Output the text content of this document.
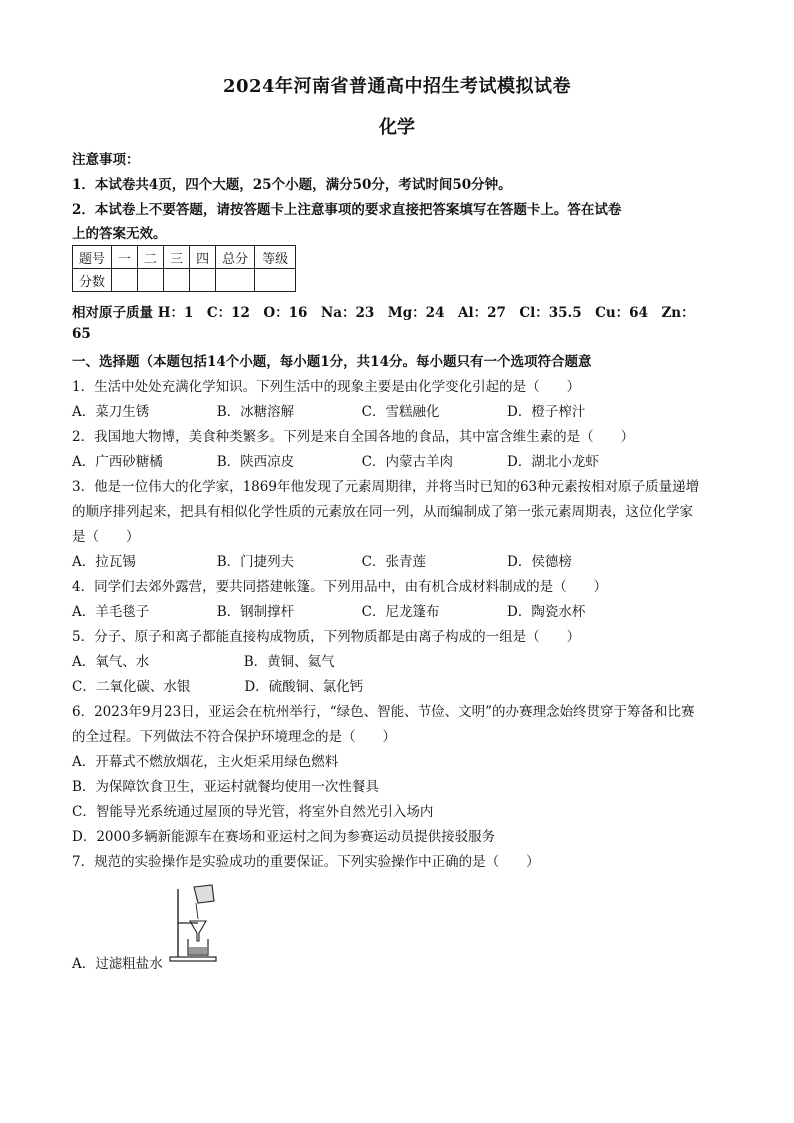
2024年河南省普通高中招生考试模拟试卷
化学
注意事项：
1．本试卷共4页，四个大题，25个小题，满分50分，考试时间50分钟。
2．本试卷上不要答题，请按答题卡上注意事项的要求直接把答案填写在答题卡上。答在试卷
上的答案无效。
题号	一	二	三	四	总分	等级
分数						
相对原子质量 H：1　C：12　O：16　Na：23　Mg：24　Al：27　Cl：35.5　Cu：64　Zn：
65
一、选择题（本题包括14个小题，每小题1分，共14分。每小题只有一个选项符合题意
1．生活中处处充满化学知识。下列生活中的现象主要是由化学变化引起的是（　　）
A．菜刀生锈　　　　　B．冰糖溶解　　　　　C．雪糕融化　　　　　D．橙子榨汁
2．我国地大物博，美食种类繁多。下列是来自全国各地的食品，其中富含维生素的是（　　）
A．广西砂糖橘　　　　B．陕西凉皮　　　　　C．内蒙古羊肉　　　　D．湖北小龙虾
3．他是一位伟大的化学家，1869年他发现了元素周期律，并将当时已知的63种元素按相对原子质量递增
的顺序排列起来，把具有相似化学性质的元素放在同一列，从而编制成了第一张元素周期表，这位化学家
是（　　）
A．拉瓦锡　　　　　　B．门捷列夫　　　　　C．张青莲　　　　　　D．侯德榜
4．同学们去郊外露营，要共同搭建帐篷。下列用品中，由有机合成材料制成的是（　　）
A．羊毛毯子　　　　　B．钢制撑杆　　　　　C．尼龙篷布　　　　　D．陶瓷水杯
5．分子、原子和离子都能直接构成物质，下列物质都是由离子构成的一组是（　　）
A．氧气、水　　　　　　　B．黄铜、氦气
C．二氧化碳、水银　　　　D．硫酸铜、氯化钙
6．2023年9月23日，亚运会在杭州举行，“绿色、智能、节俭、文明”的办赛理念始终贯穿于筹备和比赛
的全过程。下列做法不符合保护环境理念的是（　　）
A．开幕式不燃放烟花，主火炬采用绿色燃料
B．为保障饮食卫生，亚运村就餐均使用一次性餐具
C．智能导光系统通过屋顶的导光管，将室外自然光引入场内
D．2000多辆新能源车在赛场和亚运村之间为参赛运动员提供接驳服务
7．规范的实验操作是实验成功的重要保证。下列实验操作中正确的是（　　）
A．过滤粗盐水
